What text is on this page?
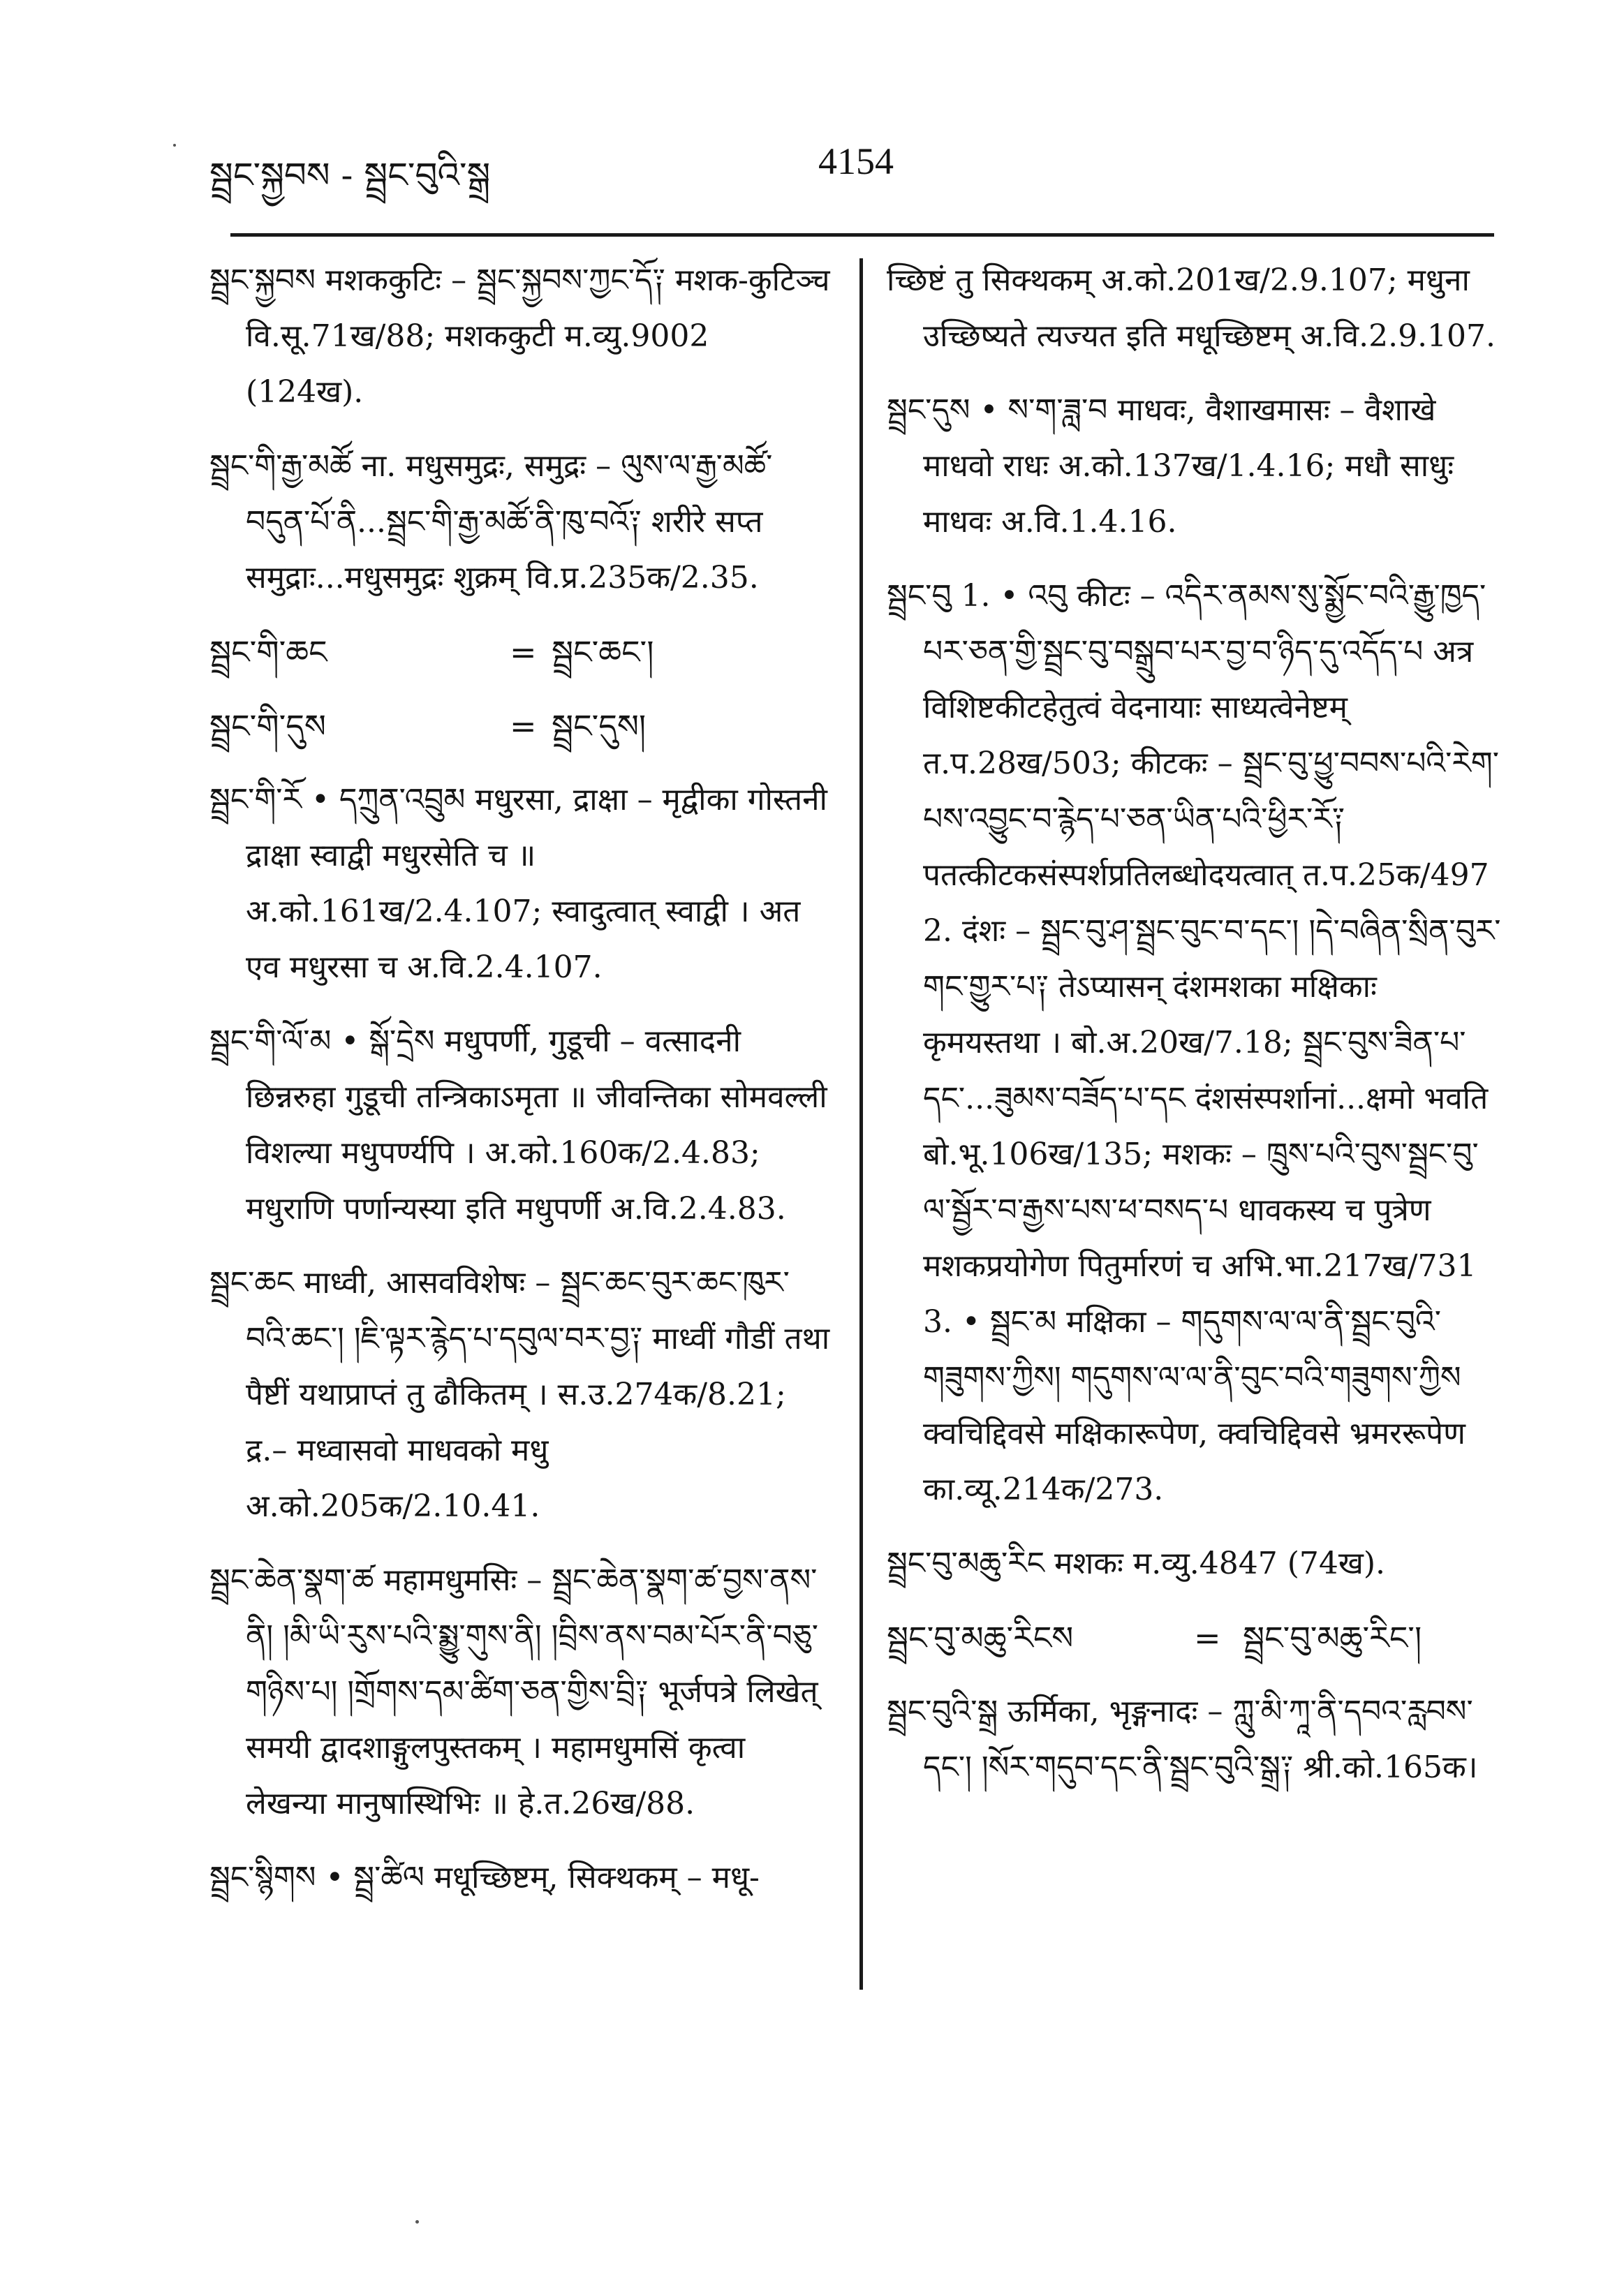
སྦྲང་སྐྱབས - སྦྲང་བུའི་སྒྲ	4154

སྦྲང་སྐྱབས मशककुटिः – སྦྲང་སྐྱབས་ཀྱང་དོ༑ मशक-कुटिञ्च वि.सू.71ख/88; मशककुटी म.व्यु.9002 (124ख).

སྦྲང་གི་རྒྱ་མཚོ ना. मधुसमुद्रः, समुद्रः – ལུས་ལ་རྒྱ་མཚོ་བདུན་པོ་ནི...སྦྲང་གི་རྒྱ་མཚོ་ནི་ཁུ་བའོ༑ शरीरे सप्त समुद्राः...मधुसमुद्रः शुक्रम् वि.प्र.235क/2.35.

སྦྲང་གི་ཆང	= སྦྲང་ཆང་།
སྦྲང་གི་དུས	= སྦྲང་དུས།

སྦྲང་གི་རོ • དཀྲུན་འབྲུམ मधुरसा, द्राक्षा – मृद्वीका गोस्तनी द्राक्षा स्वाद्वी मधुरसेति च ॥ अ.को.161ख/2.4.107; स्वादुत्वात् स्वाद्वी । अत एव मधुरसा च अ.वि.2.4.107.

སྦྲང་གི་ལོ་མ • སྒོ་དྲེས मधुपर्णी, गुडूची – वत्सादनी छिन्नरुहा गुडूची तन्त्रिकाऽमृता ॥ जीवन्तिका सोमवल्ली विशल्या मधुपर्ण्यपि । अ.को.160क/2.4.83; मधुराणि पर्णान्यस्या इति मधुपर्णी अ.वि.2.4.83.

སྦྲང་ཆང माध्वी, आसवविशेषः – སྦྲང་ཆང་བུར་ཆང་ཁུར་བའི་ཆང་། །ཇི་ལྟར་རྙེད་པ་དབུལ་བར་བྱ༑ माध्वीं गौडीं तथा पैष्टीं यथाप्राप्तं तु ढौकितम् । स.उ.274क/8.21; द्र.– मध्वासवो माधवको मधु अ.को.205क/2.10.41.

སྦྲང་ཆེན་སྣག་ཚ महामधुमसिः – སྦྲང་ཆེན་སྣག་ཚ་བྱས་ནས་ནི། །མི་ཡི་རུས་པའི་སྨྱུ་གུས་ནི། །བྲིས་ནས་བམ་པོར་ནི་བཅུ་གཉིས་པ། །གྲོགས་དམ་ཚིག་ཅན་གྱིས་བྲི༑ भूर्जपत्रे लिखेत् समयी द्वादशाङ्गुलपुस्तकम् । महामधुमसिं कृत्वा लेखन्या मानुषास्थिभिः ॥ हे.त.26ख/88.

སྦྲང་སྙིགས • སྦྲ་ཚིལ मधूच्छिष्टम्, सिक्थकम् – मधू-

च्छिष्टं तु सिक्थकम् अ.को.201ख/2.9.107; मधुना उच्छिष्यते त्यज्यत इति मधूच्छिष्टम् अ.वि.2.9.107.

སྦྲང་དུས • ས་ག་ཟླ་བ माधवः, वैशाखमासः – वैशाखे माधवो राधः अ.को.137ख/1.4.16; मधौ साधुः माधवः अ.वि.1.4.16.

སྦྲང་བུ 1. • འབུ कीटः – འདིར་ནམས་སུ་སྨྱོང་བའི་རྒྱུ་ཁྱད་པར་ཅན་གྱི་སྦྲང་བུ་བསྒྲུབ་པར་བྱ་བ་ཉིད་དུ་འདོད་པ अत्र विशिष्टकीटहेतुत्वं वेदनायाः साध्यत्वेनेष्टम् त.प.28ख/503; कीटकः – སྦྲང་བུ་ཕྱུ་བབས་པའི་རེག་པས་འབྱུང་བ་རྙེད་པ་ཅན་ཡིན་པའི་ཕྱིར་རོ༑ पतत्कीटकसंस्पर्शप्रतिलब्धोदयत्वात् त.प.25क/497 2. दंशः – སྦྲང་བུ་ཤ་སྦྲང་བུང་བ་དང་། །དེ་བཞིན་སྲིན་བུར་གང་གྱུར་པ༑ तेऽप्यासन् दंशमशका मक्षिकाः कृमयस्तथा । बो.अ.20ख/7.18; སྦྲང་བུས་ཟིན་པ་དང་...ཟུམས་བཟོད་པ་དང दंशसंस्पर्शानां...क्षमो भवति बो.भू.106ख/135; मशकः – ཁྲུས་པའི་བུས་སྦྲང་བུ་ལ་སྦྱོར་བ་རྒྱས་པས་ཕ་བསད་པ धावकस्य च पुत्रेण मशकप्रयोगेण पितुर्मारणं च अभि.भा.217ख/731 3. • སྦྲང་མ मक्षिका – གདུགས་ལ་ལ་ནི་སྦྲང་བུའི་གཟུགས་ཀྱིས། གདུགས་ལ་ལ་ནི་བུང་བའི་གཟུགས་ཀྱིས क्वचिद्दिवसे मक्षिकारूपेण, क्वचिद्दिवसे भ्रमररूपेण का.व्यू.214क/273.

སྦྲང་བུ་མཆུ་རིང मशकः म.व्यु.4847 (74ख).

སྦྲང་བུ་མཆུ་རིངས	= སྦྲང་བུ་མཆུ་རིང་།

སྦྲང་བུའི་སྒྲ ऊर्मिका, भृङ्गनादः – ཀླུ་མི་ཀཱ་ནི་དབའ་རླབས་དང་། །སོར་གདུབ་དང་ནི་སྦྲང་བུའི་སྒྲ༑ श्री.को.165क।
